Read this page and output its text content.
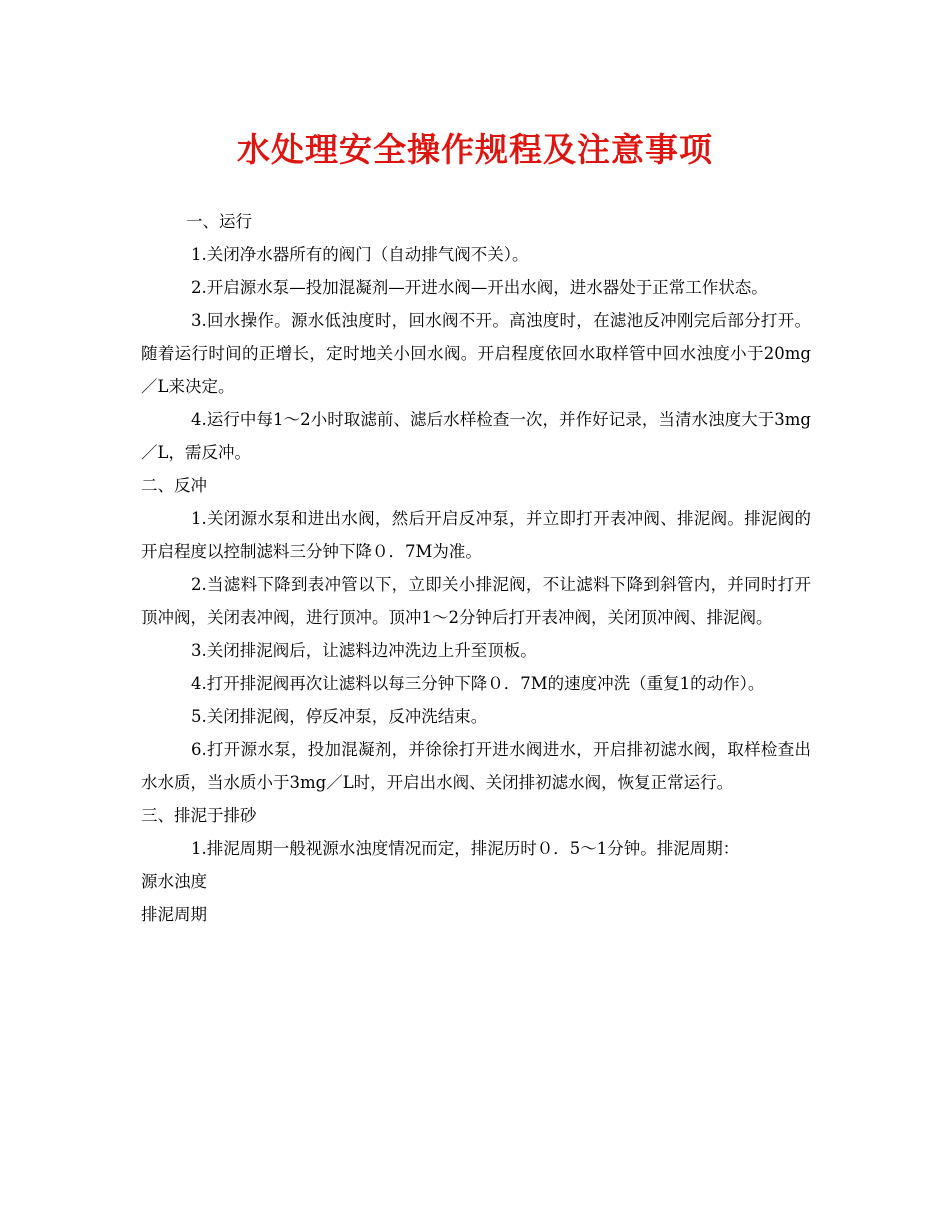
水处理安全操作规程及注意事项

一、运行

1.关闭净水器所有的阀门（自动排气阀不关）。

2.开启源水泵—投加混凝剂—开进水阀—开出水阀，进水器处于正常工作状态。

3.回水操作。源水低浊度时，回水阀不开。高浊度时，在滤池反冲刚完后部分打开。随着运行时间的正增长，定时地关小回水阀。开启程度依回水取样管中回水浊度小于20mg／L来决定。

4.运行中每1～2小时取滤前、滤后水样检查一次，并作好记录，当清水浊度大于3mg／L，需反冲。

二、反冲

1.关闭源水泵和进出水阀，然后开启反冲泵，并立即打开表冲阀、排泥阀。排泥阀的开启程度以控制滤料三分钟下降０．7M为准。

2.当滤料下降到表冲管以下，立即关小排泥阀，不让滤料下降到斜管内，并同时打开顶冲阀，关闭表冲阀，进行顶冲。顶冲1～2分钟后打开表冲阀，关闭顶冲阀、排泥阀。

3.关闭排泥阀后，让滤料边冲洗边上升至顶板。

4.打开排泥阀再次让滤料以每三分钟下降０．7M的速度冲洗（重复1的动作）。

5.关闭排泥阀，停反冲泵，反冲洗结束。

6.打开源水泵，投加混凝剂，并徐徐打开进水阀进水，开启排初滤水阀，取样检查出水水质，当水质小于3mg／L时，开启出水阀、关闭排初滤水阀，恢复正常运行。

三、排泥于排砂

1.排泥周期一般视源水浊度情况而定，排泥历时０．5～1分钟。排泥周期：

源水浊度

排泥周期
